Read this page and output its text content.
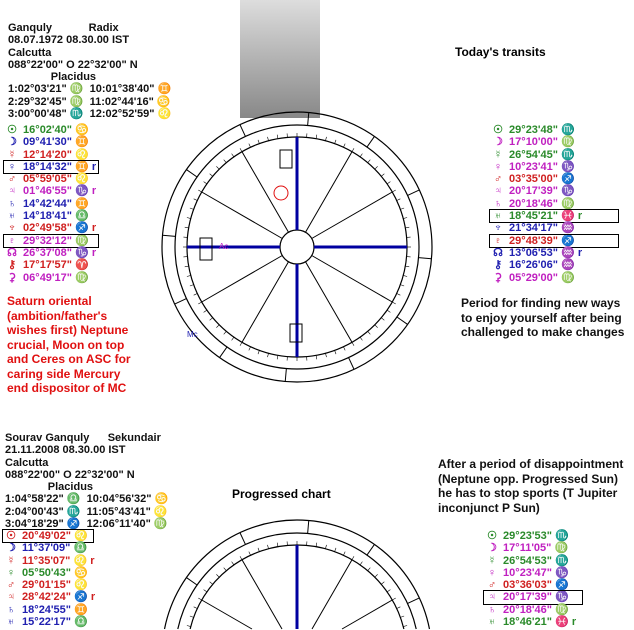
Ganquly            Radix
08.07.1972 08.30.00 IST
Calcutta
088°22'00" O 22°32'00" N
Placidus
1:02°03'21" ♍  10:01°38'40" ♊
2:29°32'45" ♍  11:02°44'16" ♋
3:00°00'48" ♏  12:02°52'59" ♌
☉ 16°02'40" ♋
☽ 09°41'30" ♊
☿ 12°14'20" ♌
♀ 18°14'32" ♊ r
♂ 05°59'05" ♌
♃ 01°46'55" ♑ r
♄ 14°42'44" ♊
♅ 14°18'41" ♎
♆ 02°49'58" ♐ r
♇ 29°32'12" ♍
☊ 26°37'08" ♑ r
⚷ 17°17'57" ♈
⚳ 06°49'17" ♍
Today's transits
☉ 29°23'48" ♏
☽ 17°10'00" ♍
☿ 26°54'45" ♏
♀ 10°23'41" ♑
♂ 03°35'00" ♐
♃ 20°17'39" ♑
♄ 20°18'46" ♍
♅ 18°45'21" ♓ r
♆ 21°34'17" ♒
♇ 29°48'39" ♐
☊ 13°06'53" ♒ r
⚷ 16°26'06" ♒
⚳ 05°29'00" ♍
Saturn oriental (ambition/father's wishes first) Neptune crucial, Moon on top and Ceres on ASC for caring side Mercury end dispositor of MC
Period for finding new ways to enjoy yourself after being challenged to make changes
Sourav Ganquly      Sekundair
21.11.2008 08.30.00 IST
Calcutta
088°22'00" O 22°32'00" N
Placidus
1:04°58'22" ♎  10:04°56'32" ♋
2:04°00'43" ♏  11:05°43'41" ♌
3:04°18'29" ♐  12:06°11'40" ♍
☉ 20°49'02" ♌
☽ 11°37'09" ♎
☿ 11°35'07" ♌ r
♀ 05°50'43" ♋
♂ 29°01'15" ♌
♃ 28°42'24" ♐ r
♄ 18°24'55" ♊
♅ 15°22'17" ♎
After a period of disappointment (Neptune opp. Progressed Sun) he has to stop sports (T Jupiter inconjunct P Sun)
Progressed chart
☉ 29°23'53" ♏
☽ 17°11'05" ♍
☿ 26°54'53" ♏
♀ 10°23'47" ♑
♂ 03°36'03" ♐
♃ 20°17'39" ♑
♄ 20°18'46" ♍
♅ 18°46'21" ♓ r
Ac
Mc
